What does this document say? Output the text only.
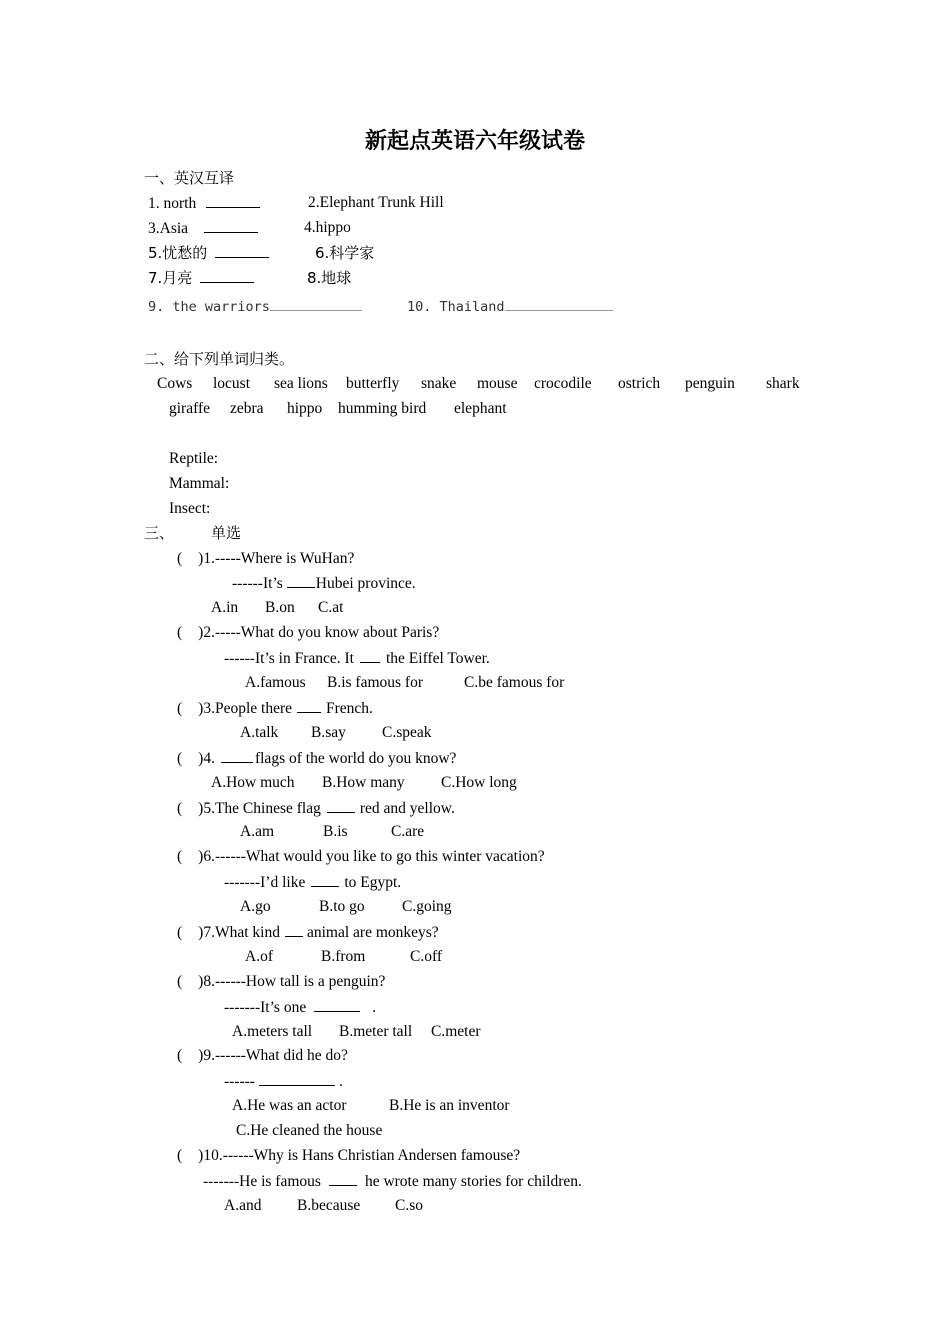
新起点英语六年级试卷
一、英汉互译
1. north	2.Elephant Trunk Hill
3.Asia	4.hippo
5.忧愁的	6.科学家
7.月亮	8.地球
9. the warriors	10. Thailand
二、给下列单词归类。
Cows locust sea lions butterfly snake mouse crocodile ostrich penguin shark
giraffe zebra hippo humming bird elephant
Reptile:
Mammal:
Insect:
三、 单选
( )1.-----Where is WuHan?
------It’s Hubei province.
A.in B.on C.at
( )2.-----What do you know about Paris?
------It’s in France. It the Eiffel Tower.
A.famous B.is famous for	C.be famous for
( )3.People there French.
A.talk B.say C.speak
( )4.	flags of the world do you know?
A.How much B.How many C.How long
( )5.The Chinese flag	red and yellow.
A.am	B.is	C.are
( )6.------What would you like to go this winter vacation?
-------I’d like	to Egypt.
A.go	B.to go C.going
( )7.What kind animal are monkeys?
A.of	B.from	C.off
( )8.------How tall is a penguin?
-------It’s one	.
A.meters tall B.meter tall C.meter
( )9.------What did he do?
------	.
A.He was an actor	B.He is an inventor
C.He cleaned the house
( )10.------Why is Hans Christian Andersen famouse?
-------He is famous	he wrote many stories for children.
A.and B.because C.so
